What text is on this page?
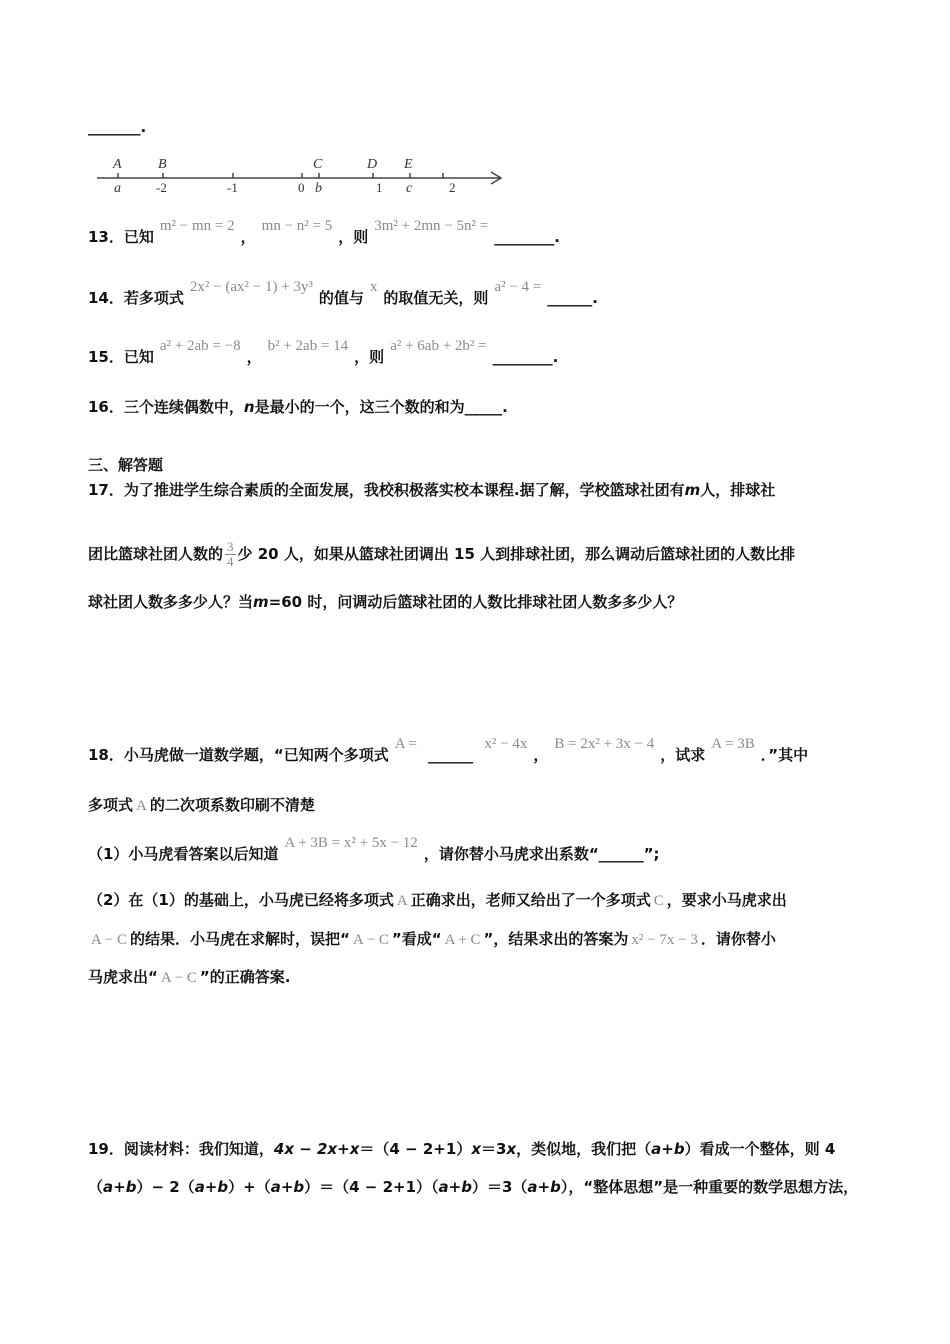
_______.
A	B	C	D E
a	b	c
-2	-1	0	1	2
13．已知m² − mn = 2，mn − n² = 5，则3m² + 2mn − 5n² =________.
14．若多项式2x² − (ax² − 1) + 3y³的值与x的取值无关，则a² − 4 =______.
15．已知a² + 2ab = −8，b² + 2ab = 14，则a² + 6ab + 2b² =________.
16．三个连续偶数中，n是最小的一个，这三个数的和为_____.
三、解答题
17．为了推进学生综合素质的全面发展，我校积极落实校本课程.据了解，学校篮球社团有m人，排球社
团比篮球社团人数的 $\frac{3}{4}$ 少 20 人，如果从篮球社团调出 15 人到排球社团，那么调动后篮球社团的人数比排
球社团人数多多少人？当m=60 时，问调动后篮球社团的人数比排球社团人数多多少人？
18．小马虎做一道数学题，“已知两个多项式A = ______ x² − 4x，B = 2x² + 3x − 4，试求A = 3B．”其中
多项式 A 的二次项系数印刷不清楚
（1）小马虎看答案以后知道A + 3B = x² + 5x − 12，请你替小马虎求出系数“______”;
（2）在（1）的基础上，小马虎已经将多项式 A 正确求出，老师又给出了一个多项式 C ，要求小马虎求出
A − C 的结果．小马虎在求解时，误把“ A − C ”看成“ A + C ”，结果求出的答案为 x² − 7x − 3 ．请你替小
马虎求出“ A − C ”的正确答案.
19．阅读材料：我们知道，4x − 2x+x＝（4 − 2+1）x＝3x，类似地，我们把（a+b）看成一个整体，则 4
（a+b）− 2（a+b）+（a+b）＝（4 − 2+1）（a+b）＝3（a+b），“整体思想”是一种重要的数学思想方法，
